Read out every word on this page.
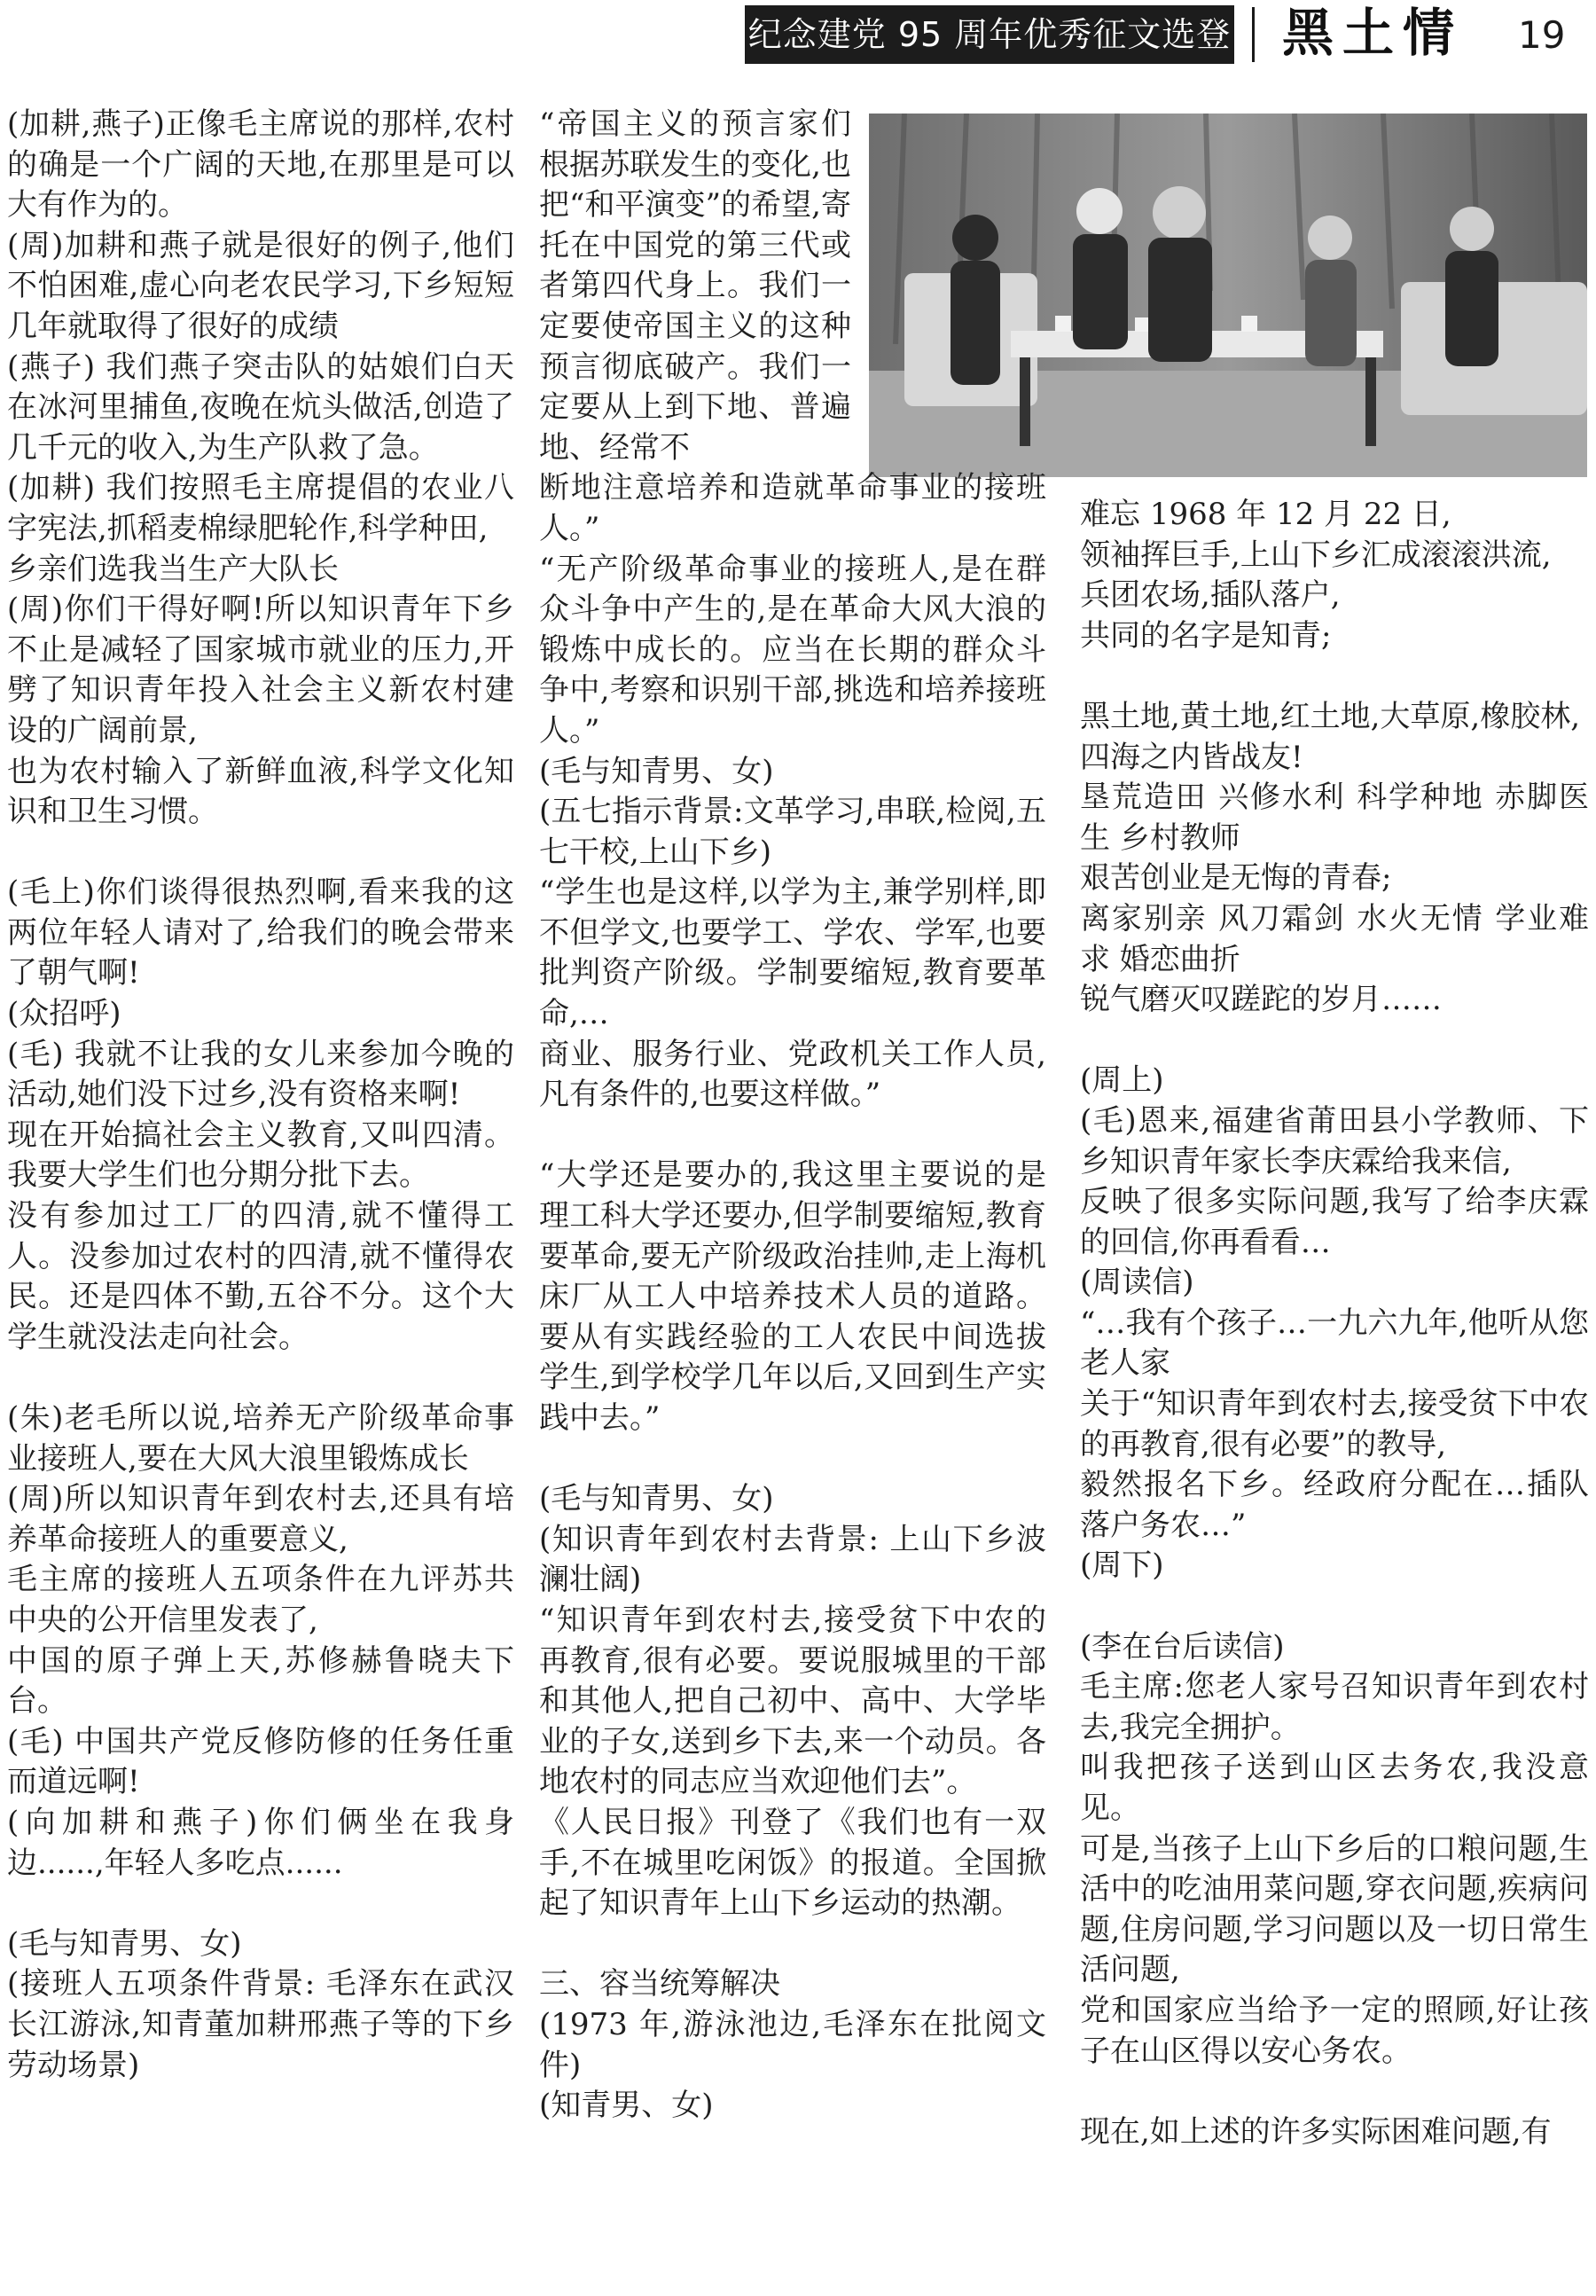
纪念建党 95 周年优秀征文选登 黑土情 19

(加耕,燕子)正像毛主席说的那样,农村的确是一个广阔的天地,在那里是可以大有作为的。

(周)加耕和燕子就是很好的例子,他们不怕困难,虚心向老农民学习,下乡短短几年就取得了很好的成绩

(燕子) 我们燕子突击队的姑娘们白天在冰河里捕鱼,夜晚在炕头做活,创造了几千元的收入,为生产队救了急。

(加耕) 我们按照毛主席提倡的农业八字宪法,抓稻麦棉绿肥轮作,科学种田,

乡亲们选我当生产大队长

(周)你们干得好啊!所以知识青年下乡不止是减轻了国家城市就业的压力,开劈了知识青年投入社会主义新农村建设的广阔前景,

也为农村输入了新鲜血液,科学文化知识和卫生习惯。

(毛上)你们谈得很热烈啊,看来我的这两位年轻人请对了,给我们的晚会带来了朝气啊!

(众招呼)

(毛) 我就不让我的女儿来参加今晚的活动,她们没下过乡,没有资格来啊!

现在开始搞社会主义教育,又叫四清。我要大学生们也分期分批下去。

没有参加过工厂的四清,就不懂得工人。没参加过农村的四清,就不懂得农民。还是四体不勤,五谷不分。这个大学生就没法走向社会。

(朱)老毛所以说,培养无产阶级革命事业接班人,要在大风大浪里锻炼成长

(周)所以知识青年到农村去,还具有培养革命接班人的重要意义,

毛主席的接班人五项条件在九评苏共中央的公开信里发表了,

中国的原子弹上天,苏修赫鲁晓夫下台。

(毛) 中国共产党反修防修的任务任重而道远啊!

(向加耕和燕子)你们俩坐在我身边......,年轻人多吃点......

(毛与知青男、女)

(接班人五项条件背景: 毛泽东在武汉长江游泳,知青董加耕邢燕子等的下乡劳动场景)

“帝国主义的预言家们根据苏联发生的变化,也把“和平演变”的希望,寄托在中国党的第三代或者第四代身上。我们一定要使帝国主义的这种预言彻底破产。我们一定要从上到下地、普遍地、经常不

断地注意培养和造就革命事业的接班人。”

“无产阶级革命事业的接班人,是在群众斗争中产生的,是在革命大风大浪的锻炼中成长的。应当在长期的群众斗争中,考察和识别干部,挑选和培养接班人。”

(毛与知青男、女)

(五七指示背景:文革学习,串联,检阅,五七干校,上山下乡)

“学生也是这样,以学为主,兼学别样,即不但学文,也要学工、学农、学军,也要批判资产阶级。学制要缩短,教育要革命,…

商业、服务行业、党政机关工作人员,凡有条件的,也要这样做。”

“大学还是要办的,我这里主要说的是理工科大学还要办,但学制要缩短,教育要革命,要无产阶级政治挂帅,走上海机床厂从工人中培养技术人员的道路。要从有实践经验的工人农民中间选拔学生,到学校学几年以后,又回到生产实践中去。”

(毛与知青男、女)

(知识青年到农村去背景: 上山下乡波澜壮阔)

“知识青年到农村去,接受贫下中农的再教育,很有必要。要说服城里的干部和其他人,把自己初中、高中、大学毕业的子女,送到乡下去,来一个动员。各地农村的同志应当欢迎他们去”。

《人民日报》刊登了《我们也有一双手,不在城里吃闲饭》的报道。全国掀起了知识青年上山下乡运动的热潮。

三、容当统筹解决

(1973 年,游泳池边,毛泽东在批阅文件)

(知青男、女)

难忘 1968 年 12 月 22 日,

领袖挥巨手,上山下乡汇成滚滚洪流,

兵团农场,插队落户,

共同的名字是知青;

黑土地,黄土地,红土地,大草原,橡胶林,

四海之内皆战友!

垦荒造田 兴修水利 科学种地 赤脚医生 乡村教师

艰苦创业是无悔的青春;

离家别亲 风刀霜剑 水火无情 学业难求 婚恋曲折

锐气磨灭叹蹉跎的岁月……

(周上)

(毛)恩来,福建省莆田县小学教师、下乡知识青年家长李庆霖给我来信,

反映了很多实际问题,我写了给李庆霖的回信,你再看看…

(周读信)

“…我有个孩子…一九六九年,他听从您老人家

关于“知识青年到农村去,接受贫下中农的再教育,很有必要”的教导,

毅然报名下乡。经政府分配在…插队落户务农…”

(周下)

(李在台后读信)

毛主席:您老人家号召知识青年到农村去,我完全拥护。

叫我把孩子送到山区去务农,我没意见。

可是,当孩子上山下乡后的口粮问题,生活中的吃油用菜问题,穿衣问题,疾病问题,住房问题,学习问题以及一切日常生活问题,

党和国家应当给予一定的照顾,好让孩子在山区得以安心务农。

现在,如上述的许多实际困难问题,有
